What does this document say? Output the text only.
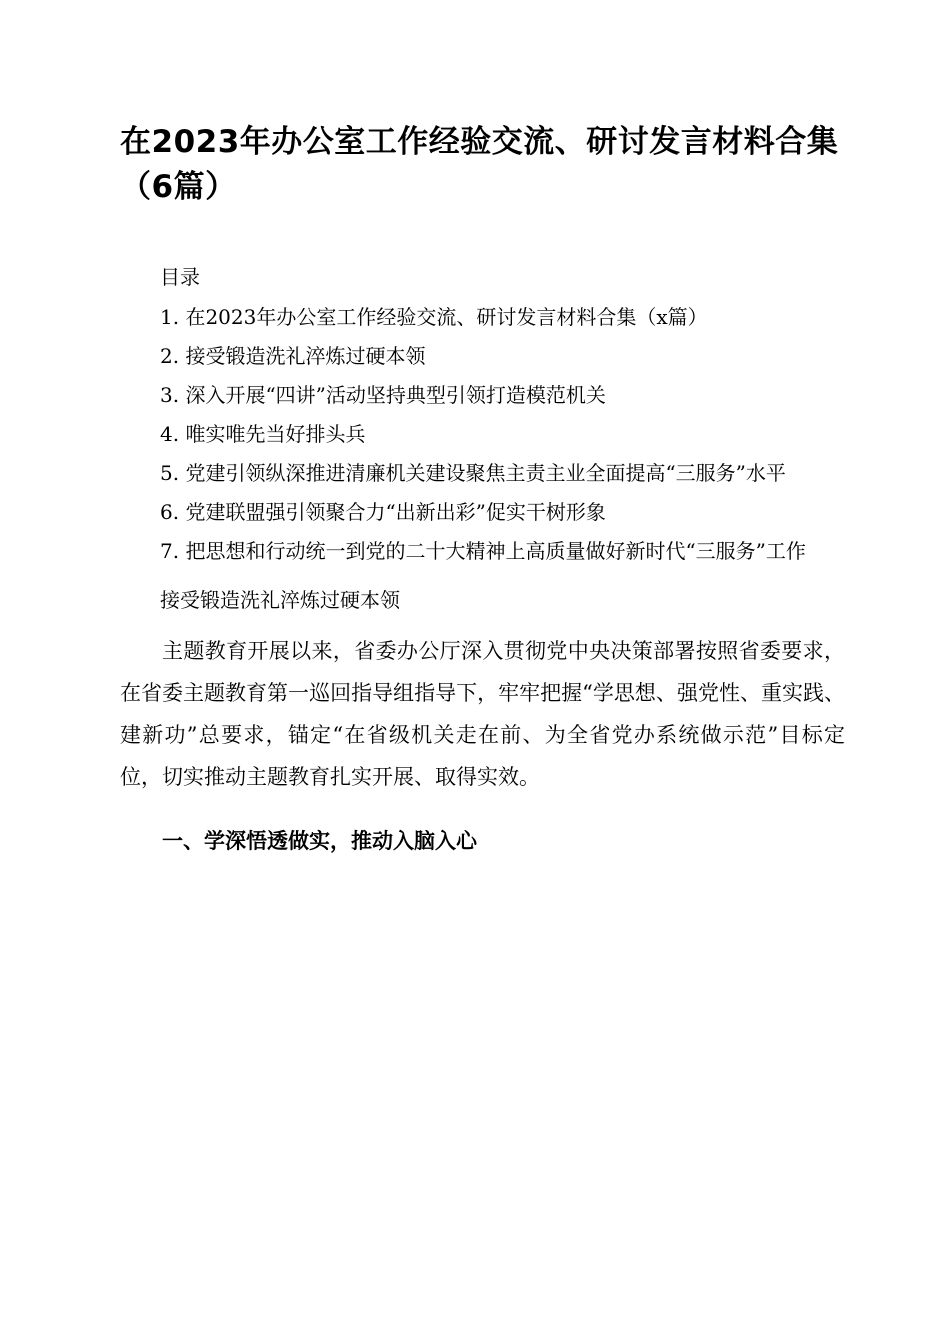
在2023年办公室工作经验交流、研讨发言材料合集（6篇）

目录

1. 在2023年办公室工作经验交流、研讨发言材料合集（x篇）

2. 接受锻造洗礼淬炼过硬本领

3. 深入开展“四讲”活动坚持典型引领打造模范机关

4. 唯实唯先当好排头兵

5. 党建引领纵深推进清廉机关建设聚焦主责主业全面提高“三服务”水平

6. 党建联盟强引领聚合力“出新出彩”促实干树形象

7. 把思想和行动统一到党的二十大精神上高质量做好新时代“三服务”工作

接受锻造洗礼淬炼过硬本领

主题教育开展以来，省委办公厅深入贯彻党中央决策部署按照省委要求，在省委主题教育第一巡回指导组指导下，牢牢把握“学思想、强党性、重实践、建新功”总要求，锚定“在省级机关走在前、为全省党办系统做示范”目标定位，切实推动主题教育扎实开展、取得实效。

一、学深悟透做实，推动入脑入心
